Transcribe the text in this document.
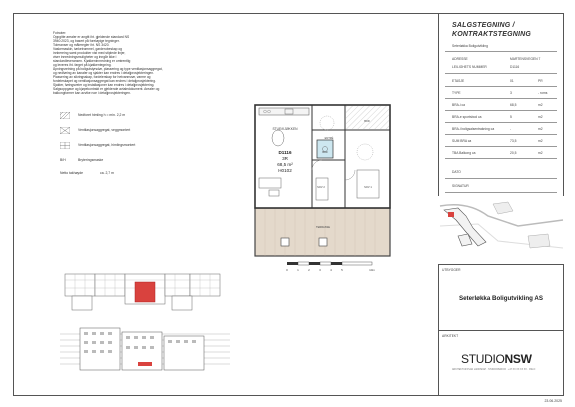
Fotnoter:
Oppgitte arealer er angitt iht. gjeldende standard NS
3940:2023, og basert på foreløpige tegninger.
Toleranser og måleregler iht. NS 3420.
Vaskemaskin, tørketrommel, garderobeskap og
innbereing samt produkter vist med stiplede linjer,
viser innredningsmuligheter og inngår ikke i
standardleveransen. Kjøkkeninnredning er omtrentlig
og leveres iht. farget på kjøkkentegning.
Åpningsretning på boligutstyrsdør, plassering og type ventilasjonsaggregat,
og nedføring av kanaler og sjakter kan endres i detaljprosjekteringen.
Plassering av sikringsskap, fordelerskap for hetvannsrør, varme og
fordeleskapet og ventilasjonsaggregat kan endres i detaljprosjektering.
Sjakter, føringsveier og installasjoner kan endres i detaljprosjektering.
Salgsoppgave og kjøpekontrakt er gjeldende avtaledokument. Arealer og
balkongformer kan avvike noe i detaljprosjekteringen.
Nedforet himling h = min. 2,2 m
Ventilasjonsaggregat, veggmontert
Ventilasjonsaggregat, himlingsmontert
B/H	Bryteringsmaske
Netto takhøyde	ca. 2,7 m
STUE/KJØKKEN
BAD
SOV 2	SOV 1
ENTRÉ
BOD
TERRASSE
D1116
3R
68,5 m²
H0102
0	1	2	3	4	5	10m
SALGSTEGNING /
KONTRAKTSTEGNING
Seterløkka Boligutvikling
ADRESSE	MARTENSVEGEN 7
LEILIGHETS NUMMER	D1116
ETASJE	01	PR
TYPE	3	- roms
BRA-i ca	68,5	m2
BRA-e sportsbod ca	5	m2
BRA-i boligsalsentrakning ca	-	m2
SUM BRA ca	73,5	m2
TBA Balkong ca	20,5	m2
DATO
SIGNATUR
UTBYGGER
Seterløkka Boligutvikling AS
ARKITEKT
STUDIONSW
ARKITEKTUR PLAN LANDSKAP · STUDIONSW.NO · +47 XX XX XX XX · OSLO
23.06.2025
